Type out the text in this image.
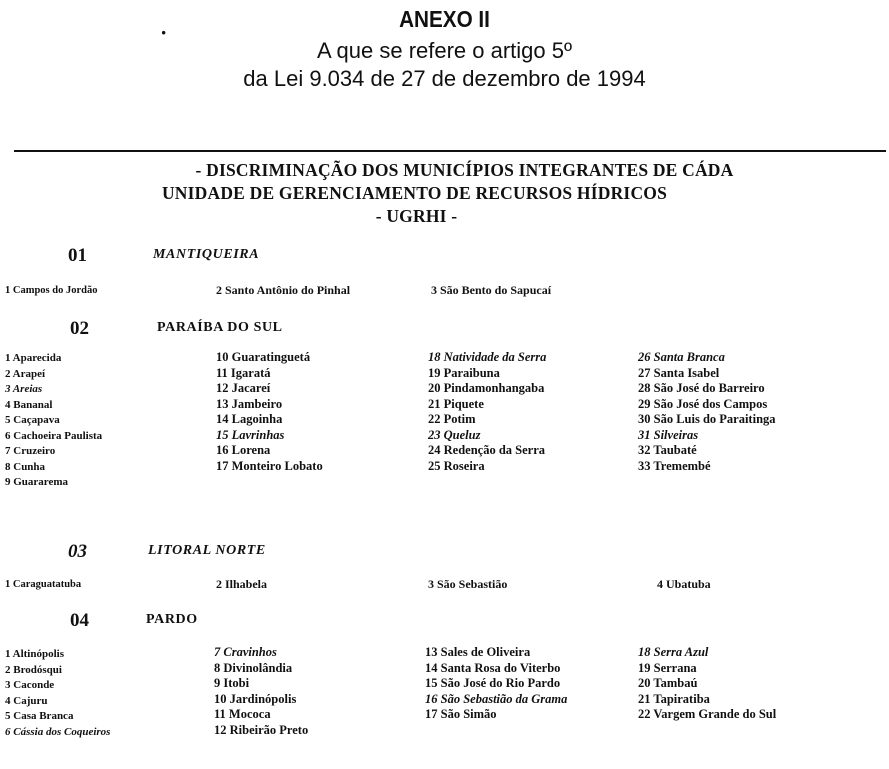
ANEXO II
A que se refere o artigo 5º
da Lei 9.034 de 27 de dezembro de 1994
·
- DISCRIMINAÇÃO DOS MUNICÍPIOS INTEGRANTES DE CÁDA
UNIDADE DE GERENCIAMENTO DE RECURSOS HÍDRICOS
- UGRHI -
01	MANTIQUEIRA
1 Campos do Jordão	2 Santo Antônio do Pinhal	3 São Bento do Sapucaí
02	PARAÍBA DO SUL
1 Aparecida
2 Arapeí
3 Areias
4 Bananal
5 Caçapava
6 Cachoeira Paulista
7 Cruzeiro
8 Cunha
9 Guararema
10 Guaratinguetá
11 Igaratá
12 Jacareí
13 Jambeiro
14 Lagoinha
15 Lavrinhas
16 Lorena
17 Monteiro Lobato
18 Natividade da Serra
19 Paraibuna
20 Pindamonhangaba
21 Piquete
22 Potim
23 Queluz
24 Redenção da Serra
25 Roseira
26 Santa Branca
27 Santa Isabel
28 São José do Barreiro
29 São José dos Campos
30 São Luis do Paraitinga
31 Silveiras
32 Taubaté
33 Tremembé
03	LITORAL NORTE
1 Caraguatatuba	2 Ilhabela	3 São Sebastião	4 Ubatuba
04	PARDO
1 Altinópolis
2 Brodósqui
3 Caconde
4 Cajuru
5 Casa Branca
6 Cássia dos Coqueiros
7 Cravinhos
8 Divinolândia
9 Itobi
10 Jardinópolis
11 Mococa
12 Ribeirão Preto
13 Sales de Oliveira
14 Santa Rosa do Viterbo
15 São José do Rio Pardo
16 São Sebastião da Grama
17 São Simão
18 Serra Azul
19 Serrana
20 Tambaú
21 Tapiratiba
22 Vargem Grande do Sul
